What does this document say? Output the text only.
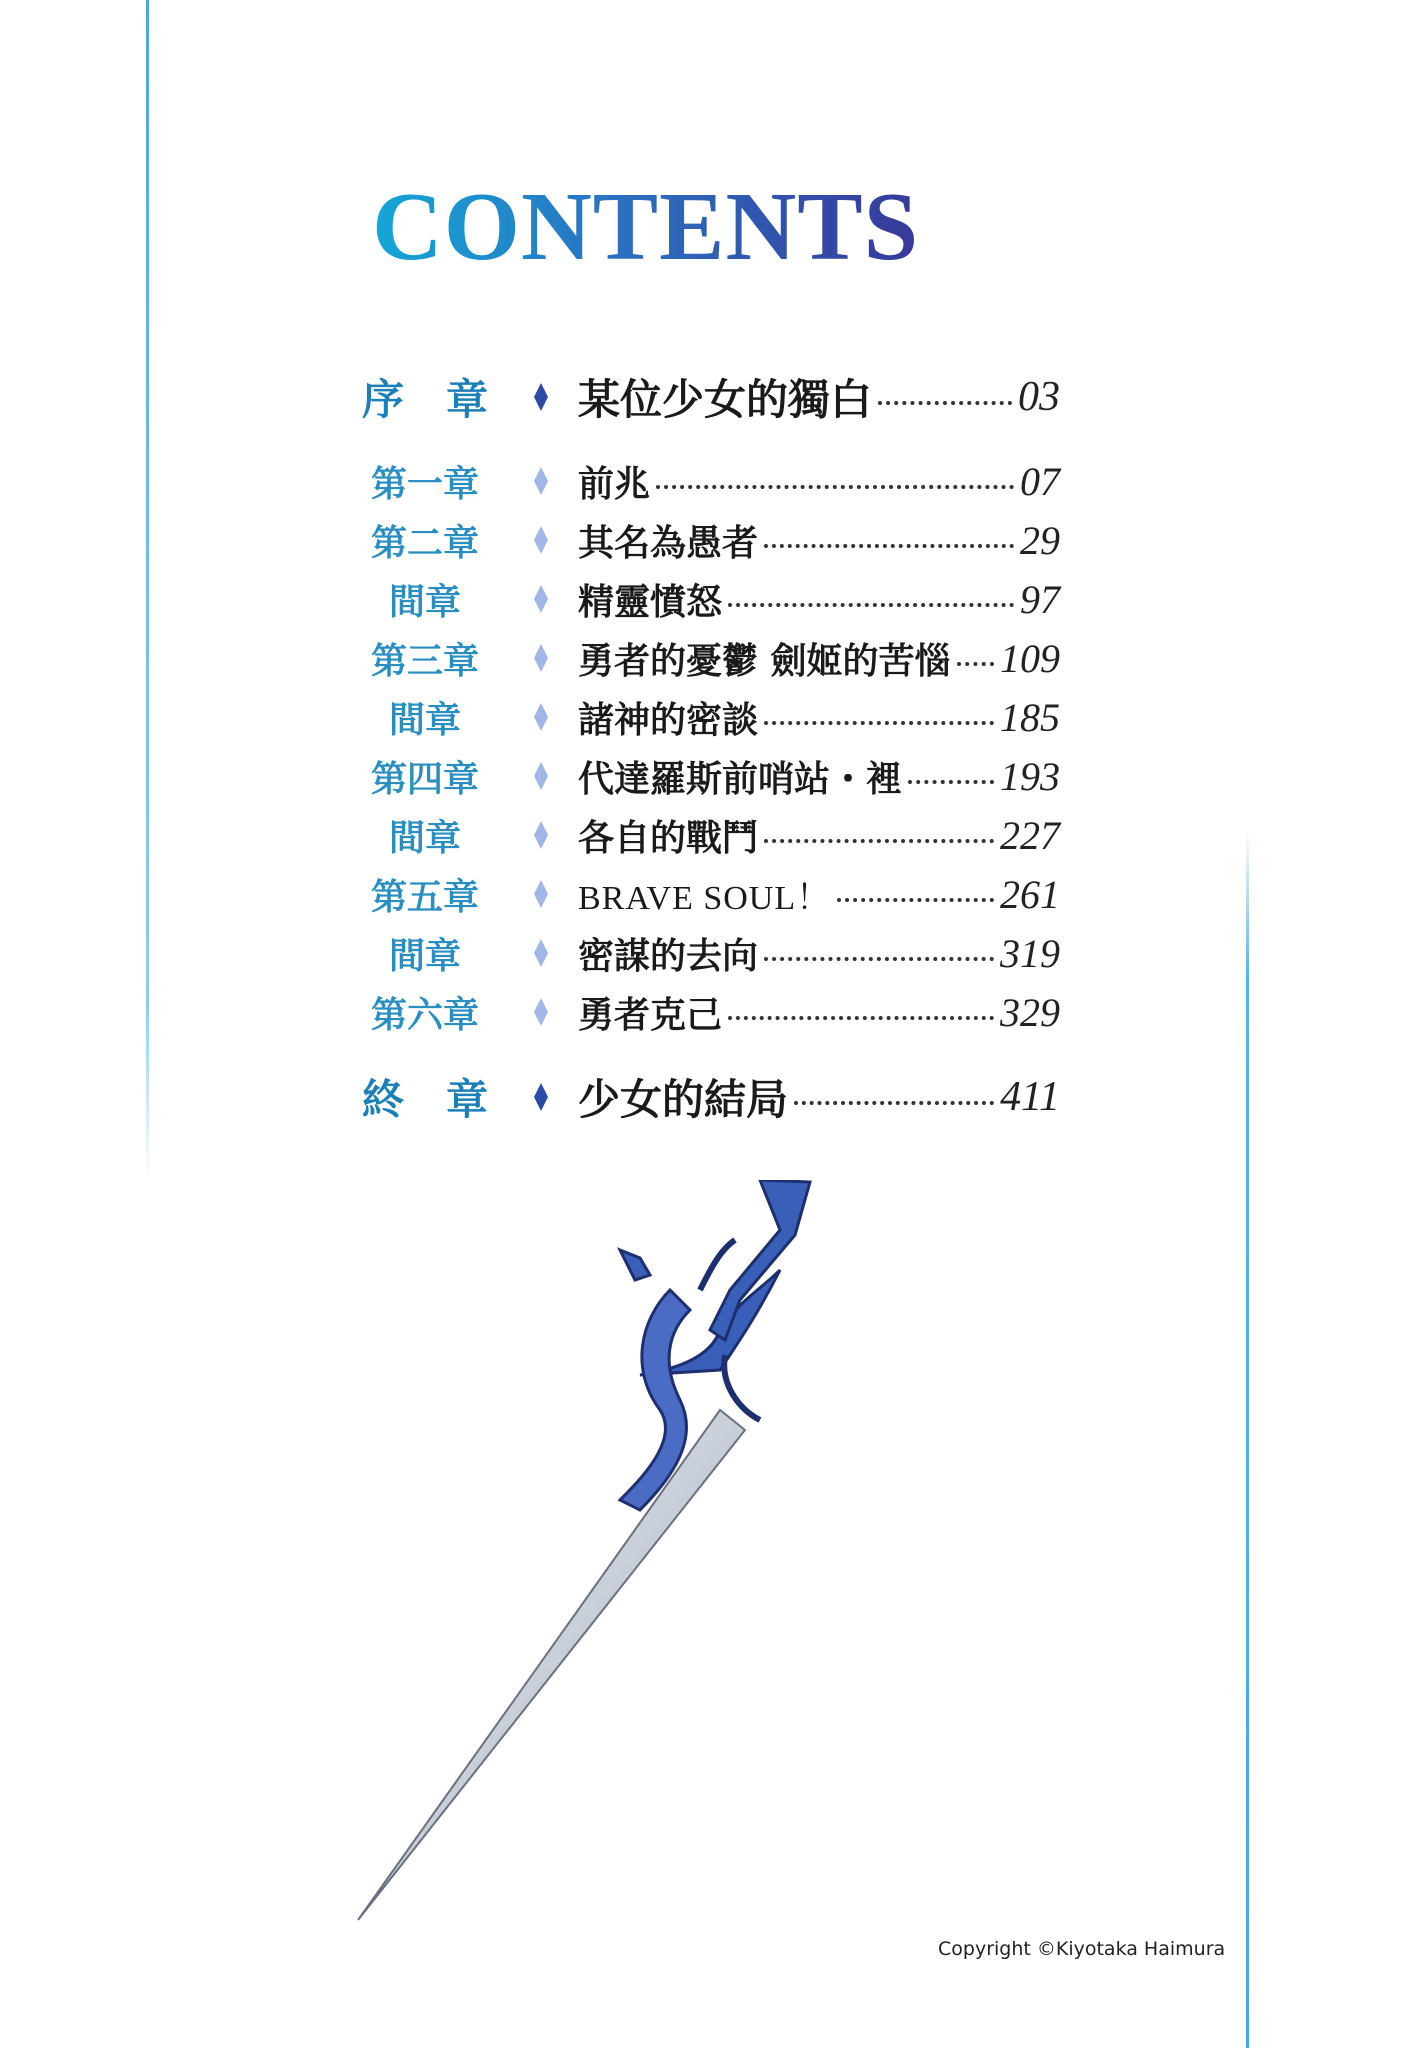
CONTENTS
序　章 某位少女的獨白	03
第一章	前兆	07
第二章	其名為愚者	29
間章	精靈憤怒	97
第三章	勇者的憂鬱 劍姬的苦惱 109
間章	諸神的密談	185
第四章	代達羅斯前哨站・裡 193
間章	各自的戰鬥	227
第五章	BRAVE SOUL！	261
間章	密謀的去向	319
第六章	勇者克己	329
終　章 少女的結局	411
Copyright ©Kiyotaka Haimura
